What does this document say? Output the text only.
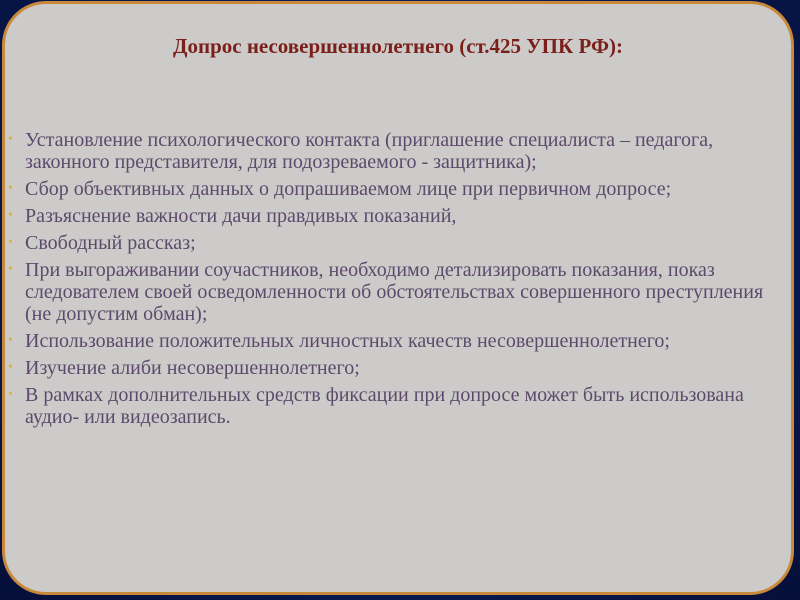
Допрос несовершеннолетнего (ст.425 УПК РФ):
• Установление психологического контакта (приглашение специалиста – педагога, законного представителя, для подозреваемого - защитника);
• Сбор объективных данных о допрашиваемом лице при первичном допросе;
• Разъяснение важности дачи правдивых показаний,
• Свободный рассказ;
• При выгораживании соучастников, необходимо детализировать показания, показ следователем своей осведомленности об обстоятельствах совершенного преступления (не допустим обман);
• Использование положительных личностных качеств несовершеннолетнего;
• Изучение алиби несовершеннолетнего;
• В рамках дополнительных средств фиксации при допросе может быть использована аудио- или видеозапись.
